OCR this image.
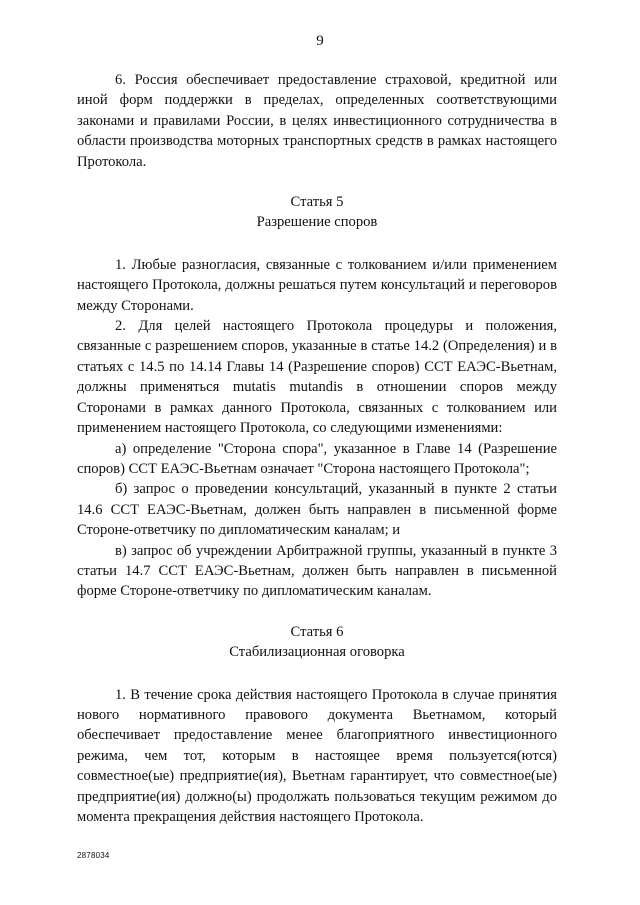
9

6. Россия обеспечивает предоставление страховой, кредитной или иной форм поддержки в пределах, определенных соответствующими законами и правилами России, в целях инвестиционного сотрудничества в области производства моторных транспортных средств в рамках настоящего Протокола.

Статья 5

Разрешение споров

1. Любые разногласия, связанные с толкованием и/или применением настоящего Протокола, должны решаться путем консультаций и переговоров между Сторонами.

2. Для целей настоящего Протокола процедуры и положения, связанные с разрешением споров, указанные в статье 14.2 (Определения) и в статьях с 14.5 по 14.14 Главы 14 (Разрешение споров) ССТ ЕАЭС-Вьетнам, должны применяться mutatis mutandis в отношении споров между Сторонами в рамках данного Протокола, связанных с толкованием или применением настоящего Протокола, со следующими изменениями:

а) определение "Сторона спора", указанное в Главе 14 (Разрешение споров) ССТ ЕАЭС-Вьетнам означает "Сторона настоящего Протокола";

б) запрос о проведении консультаций, указанный в пункте 2 статьи 14.6 ССТ ЕАЭС-Вьетнам, должен быть направлен в письменной форме Стороне-ответчику по дипломатическим каналам; и

в) запрос об учреждении Арбитражной группы, указанный в пункте 3 статьи 14.7 ССТ ЕАЭС-Вьетнам, должен быть направлен в письменной форме Стороне-ответчику по дипломатическим каналам.

Статья 6

Стабилизационная оговорка

1. В течение срока действия настоящего Протокола в случае принятия нового нормативного правового документа Вьетнамом, который обеспечивает предоставление менее благоприятного инвестиционного режима, чем тот, которым в настоящее время пользуется(ются) совместное(ые) предприятие(ия), Вьетнам гарантирует, что совместное(ые) предприятие(ия) должно(ы) продолжать пользоваться текущим режимом до момента прекращения действия настоящего Протокола.

2878034
